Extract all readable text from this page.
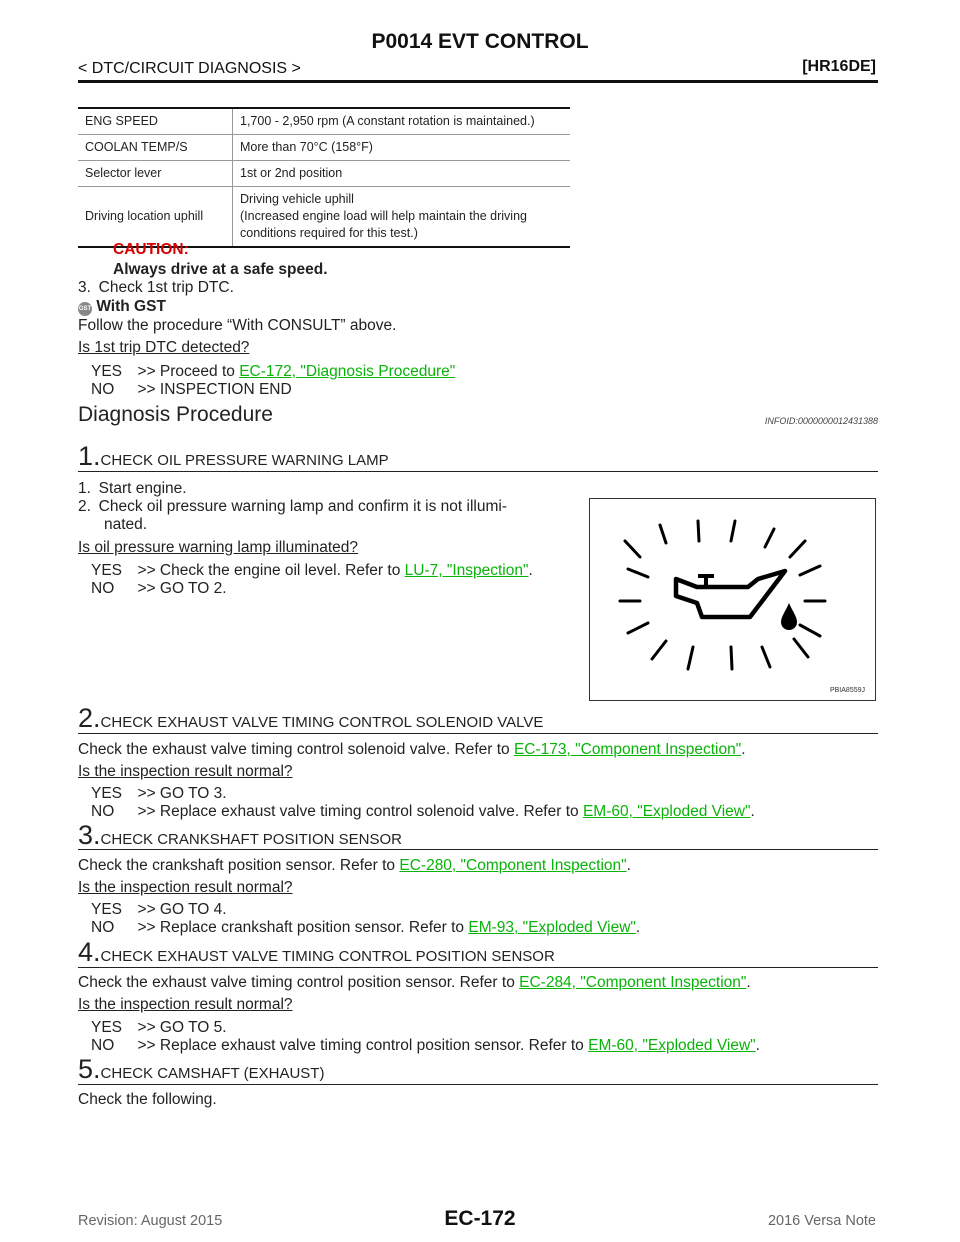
P0014 EVT CONTROL
< DTC/CIRCUIT DIAGNOSIS >	[HR16DE]
ENG SPEED	1,700 - 2,950 rpm (A constant rotation is maintained.)
COOLAN TEMP/S	More than 70°C (158°F)
Selector lever	1st or 2nd position
Driving location uphill	Driving vehicle uphill
(Increased engine load will help maintain the driving conditions required for this test.)
CAUTION:
Always drive at a safe speed.
3. Check 1st trip DTC.
GST With GST
Follow the procedure “With CONSULT” above.
Is 1st trip DTC detected?
YES >> Proceed to EC-172, "Diagnosis Procedure"
NO  >> INSPECTION END
Diagnosis Procedure	INFOID:0000000012431388
1.CHECK OIL PRESSURE WARNING LAMP
1. Start engine.
2. Check oil pressure warning lamp and confirm it is not illumi-
nated.
Is oil pressure warning lamp illuminated?
YES >> Check the engine oil level. Refer to LU-7, "Inspection".
NO  >> GO TO 2.
PBIA8559J
2.CHECK EXHAUST VALVE TIMING CONTROL SOLENOID VALVE
Check the exhaust valve timing control solenoid valve. Refer to EC-173, "Component Inspection".
Is the inspection result normal?
YES >> GO TO 3.
NO  >> Replace exhaust valve timing control solenoid valve. Refer to EM-60, "Exploded View".
3.CHECK CRANKSHAFT POSITION SENSOR
Check the crankshaft position sensor. Refer to EC-280, "Component Inspection".
Is the inspection result normal?
YES >> GO TO 4.
NO  >> Replace crankshaft position sensor. Refer to EM-93, "Exploded View".
4.CHECK EXHAUST VALVE TIMING CONTROL POSITION SENSOR
Check the exhaust valve timing control position sensor. Refer to EC-284, "Component Inspection".
Is the inspection result normal?
YES >> GO TO 5.
NO  >> Replace exhaust valve timing control position sensor. Refer to EM-60, "Exploded View".
5.CHECK CAMSHAFT (EXHAUST)
Check the following.
Revision: August 2015	EC-172	2016 Versa Note
